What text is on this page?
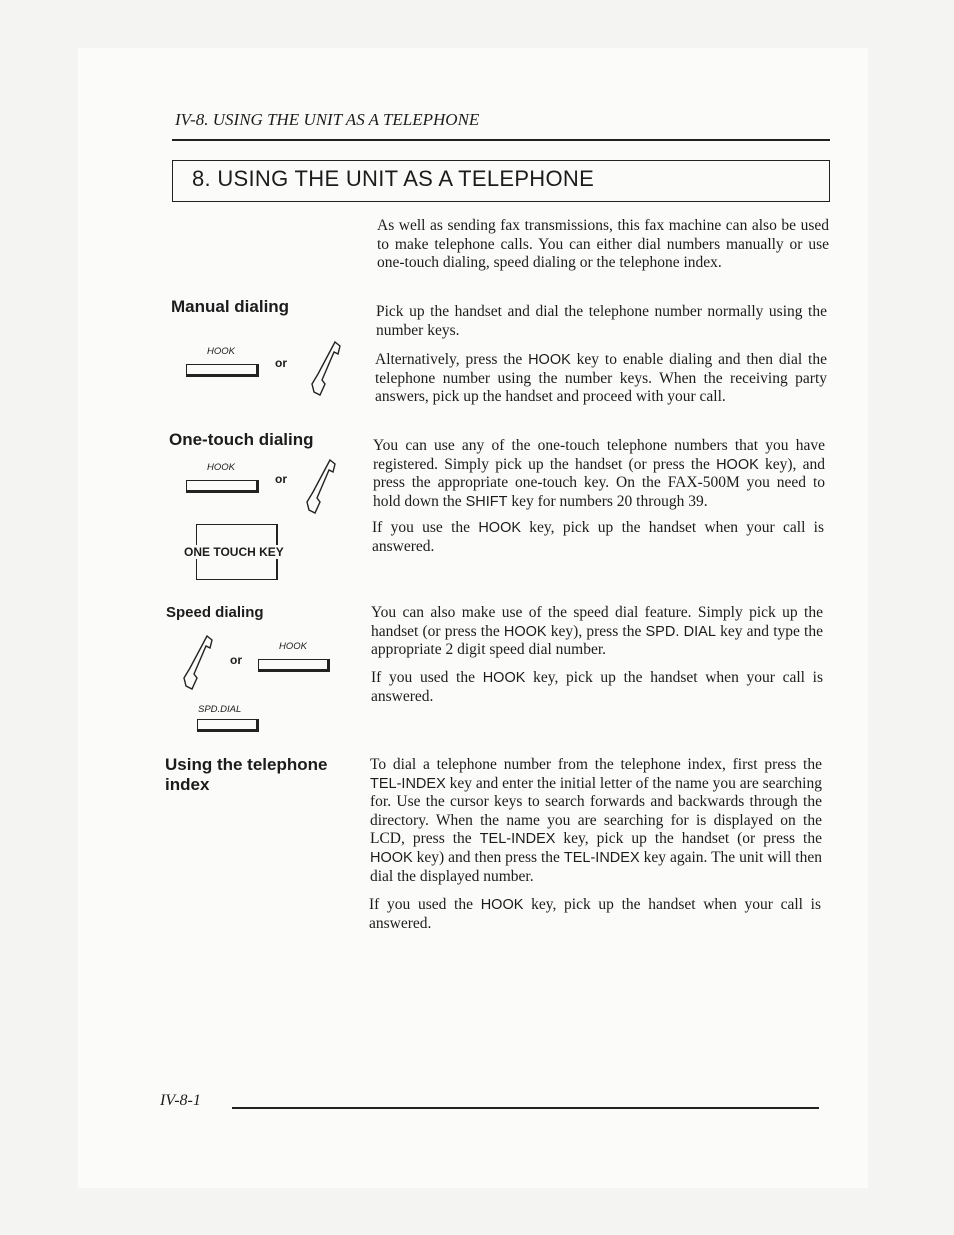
IV-8. USING THE UNIT AS A TELEPHONE
8. USING THE UNIT AS A TELEPHONE
As well as sending fax transmissions, this fax machine can also be used to make telephone calls. You can either dial numbers manually or use one-touch dialing, speed dialing or the telephone index.
Manual dialing
HOOK
or
Pick up the handset and dial the telephone number normally using the number keys.
Alternatively, press the HOOK key to enable dialing and then dial the telephone number using the number keys. When the receiving party answers, pick up the handset and proceed with your call.
One-touch dialing
HOOK
or
ONE TOUCH KEY
You can use any of the one-touch telephone numbers that you have registered. Simply pick up the handset (or press the HOOK key), and press the appropriate one-touch key. On the FAX-500M you need to hold down the SHIFT key for numbers 20 through 39.
If you use the HOOK key, pick up the handset when your call is answered.
Speed dialing
or
HOOK
SPD.DIAL
You can also make use of the speed dial feature. Simply pick up the handset (or press the HOOK key), press the SPD. DIAL key and type the appropriate 2 digit speed dial number.
If you used the HOOK key, pick up the handset when your call is answered.
Using the telephone index
To dial a telephone number from the telephone index, first press the TEL-INDEX key and enter the initial letter of the name you are searching for. Use the cursor keys to search forwards and backwards through the directory. When the name you are searching for is displayed on the LCD, press the TEL-INDEX key, pick up the handset (or press the HOOK key) and then press the TEL-INDEX key again. The unit will then dial the displayed number.
If you used the HOOK key, pick up the handset when your call is answered.
IV-8-1
